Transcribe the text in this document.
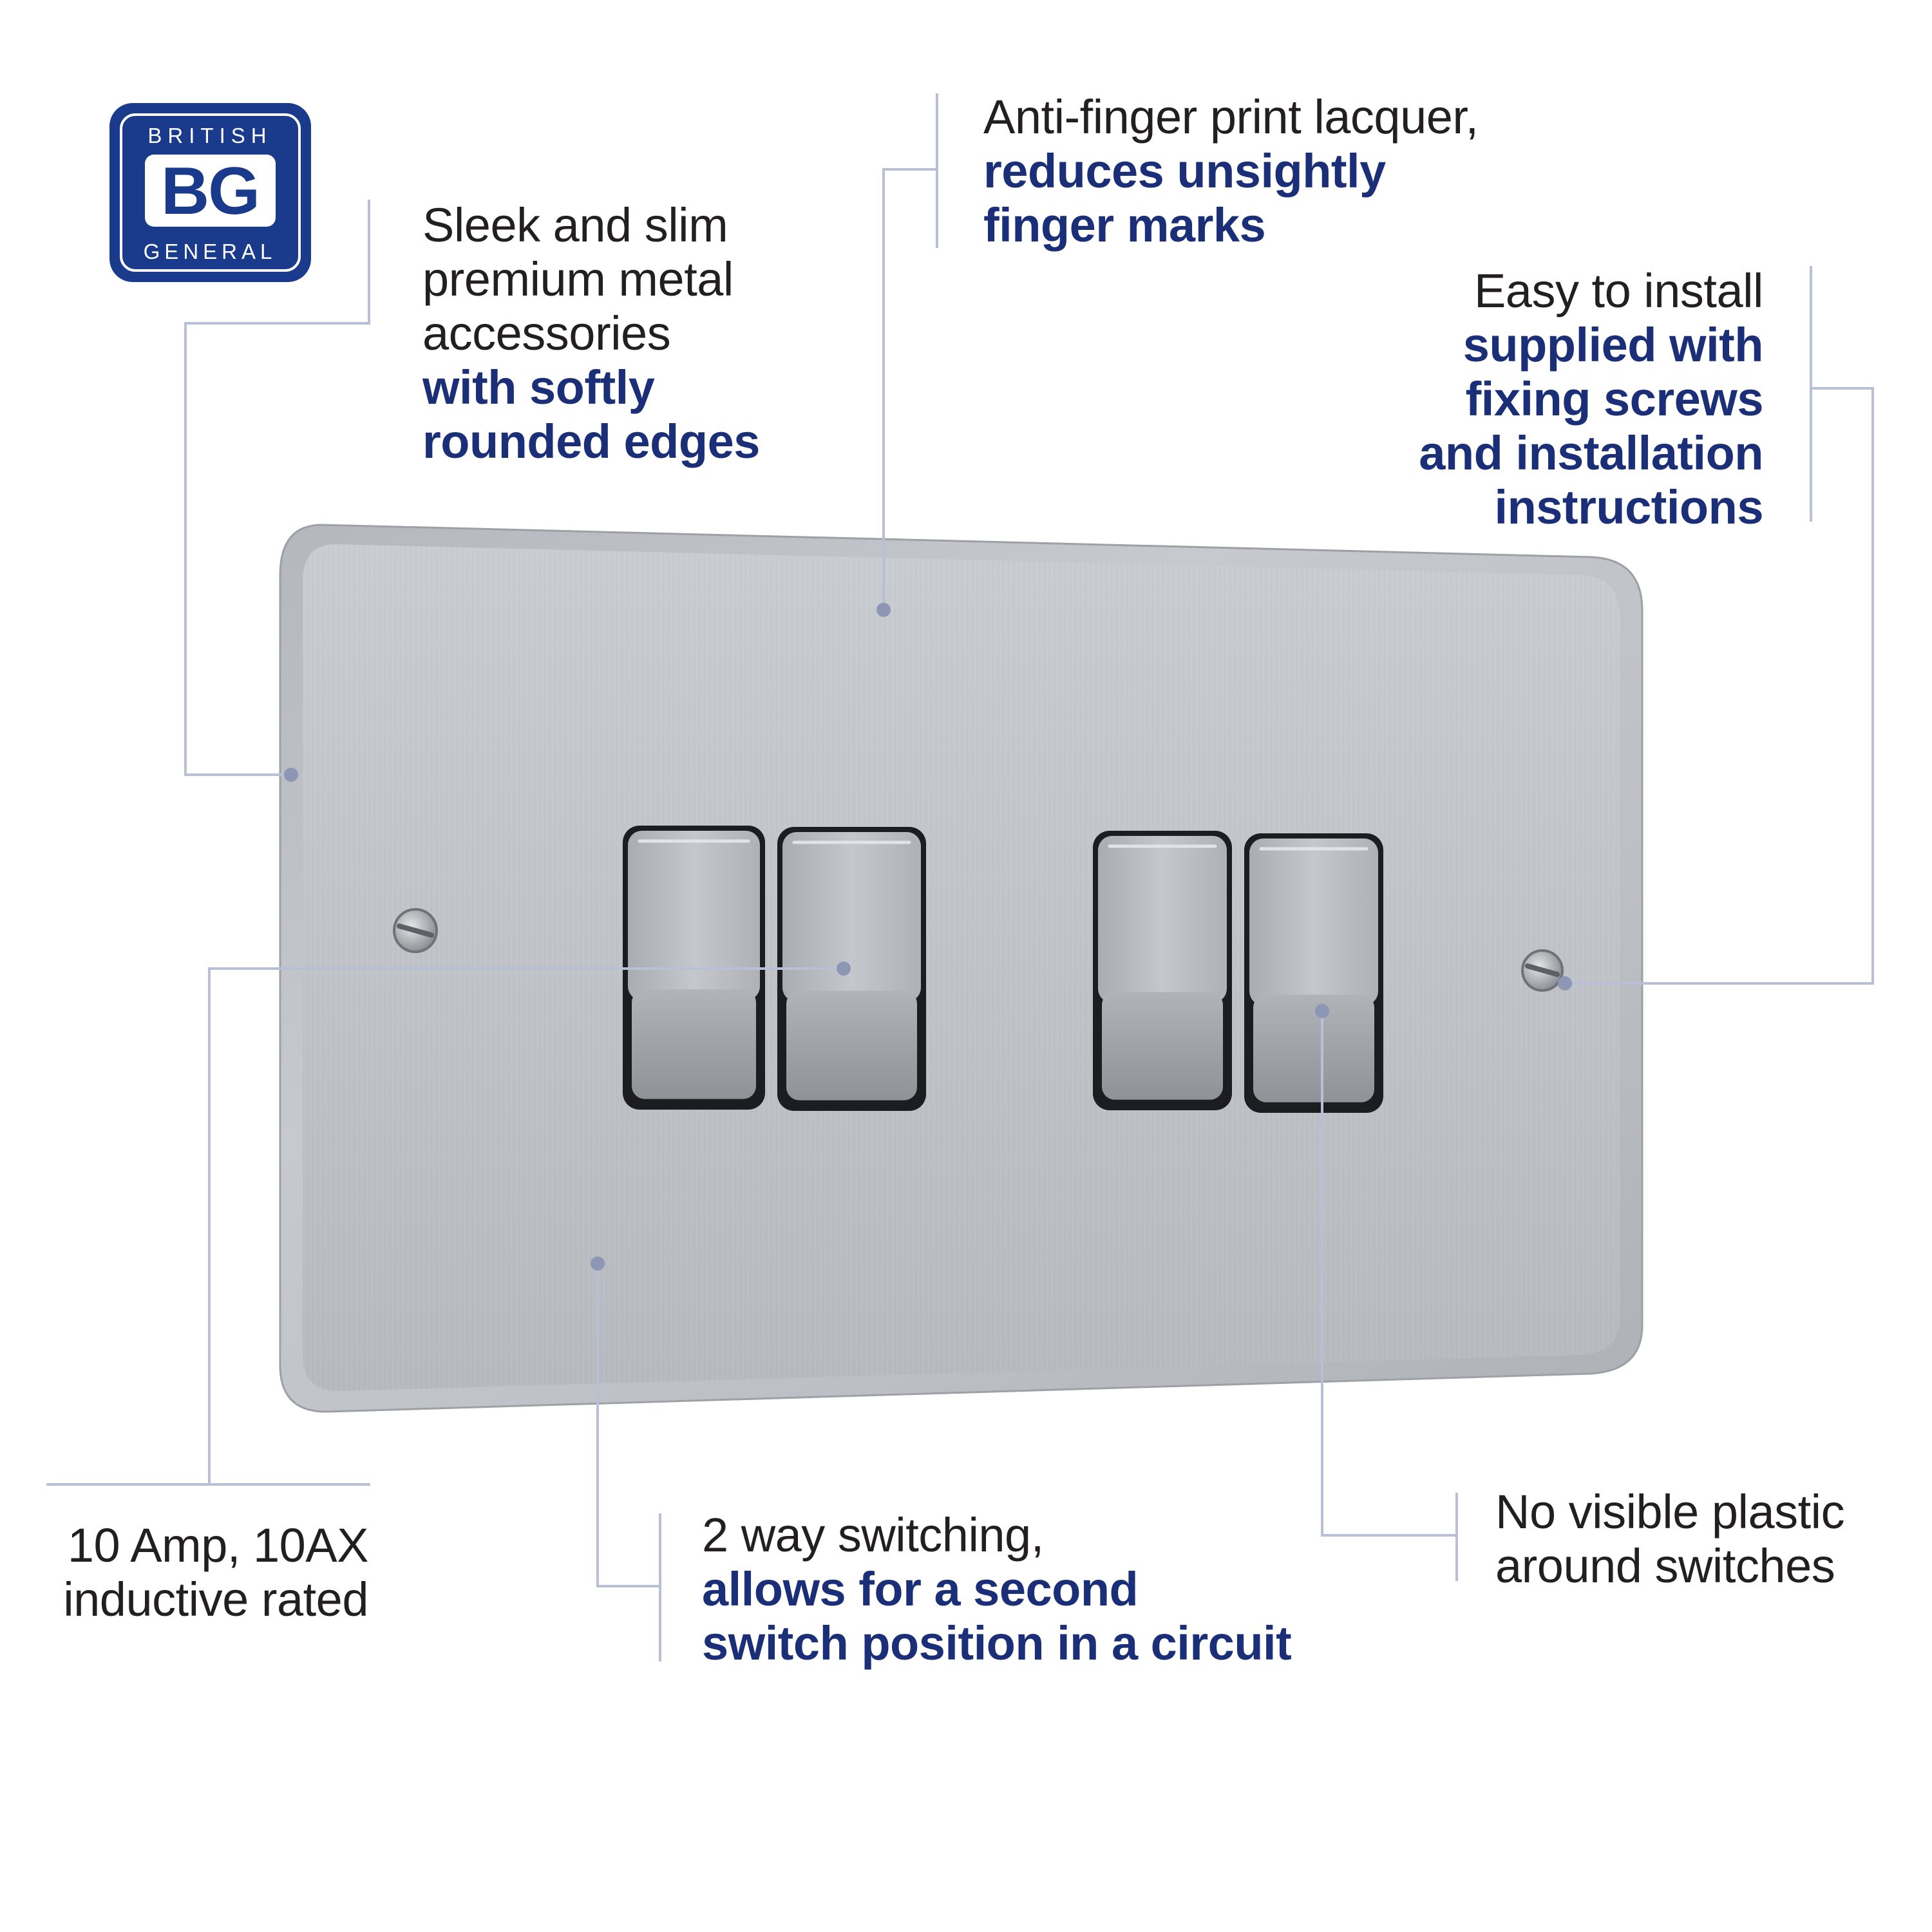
BRITISH
BG
GENERAL	Sleek and slim
premium metal
accessories
with softly
rounded edges
Anti-finger print lacquer,
reduces unsightly
finger marks
Easy to install
supplied with
fixing screws
and installation
instructions
10 Amp, 10AX
inductive rated
2 way switching,
allows for a second
switch position in a circuit
No visible plastic
around switches
